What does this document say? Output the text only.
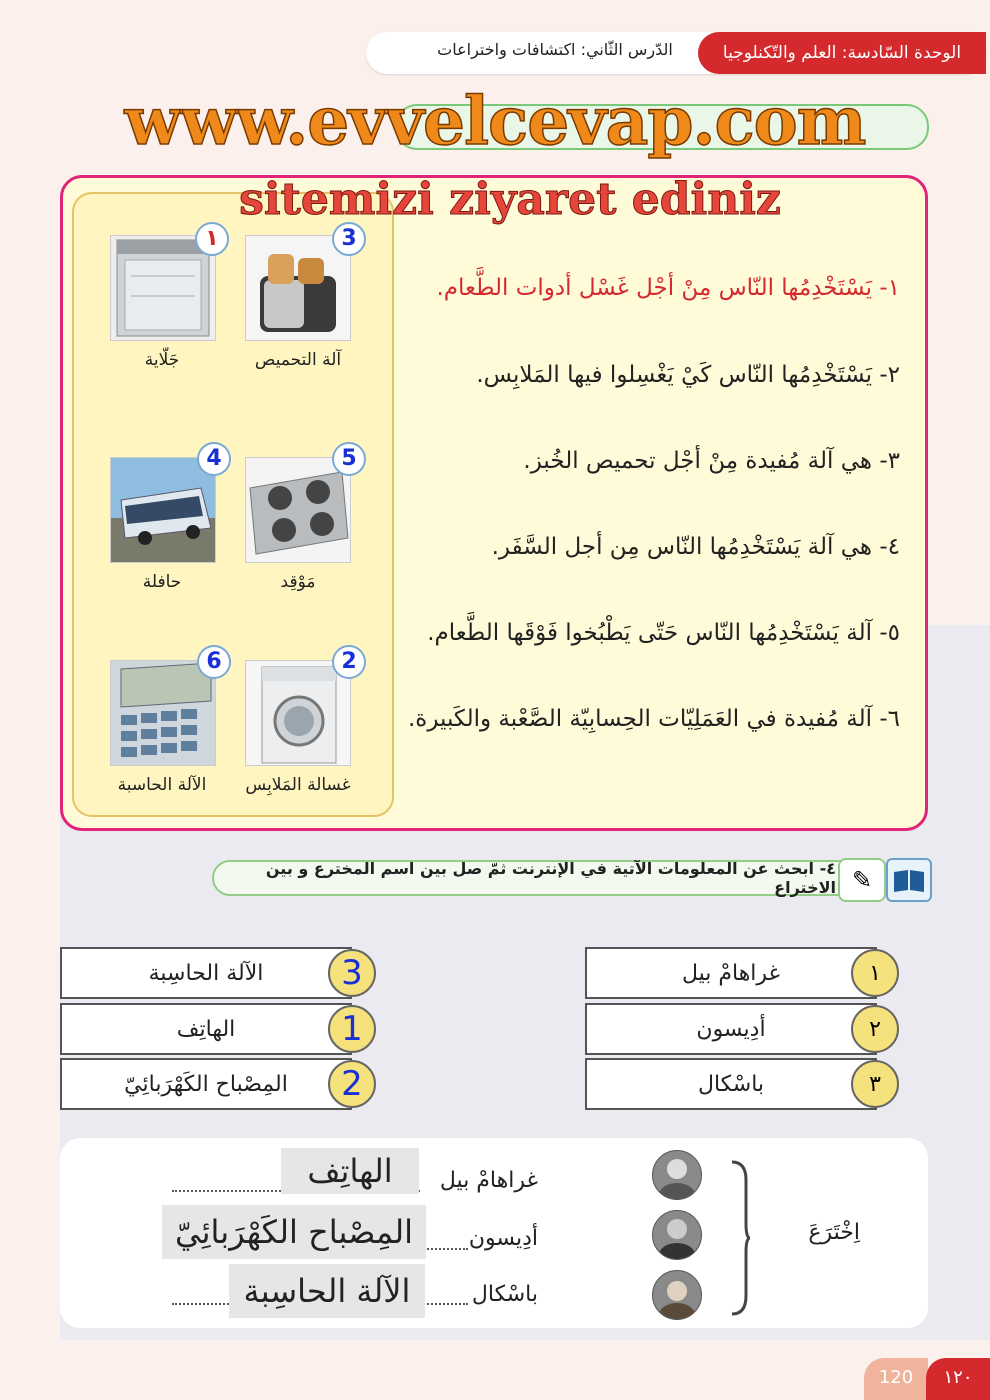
الوحدة السّادسة: العلم والتّكنلوجيا
الدّرس الثّاني: اكتشافات واختراعات
١
جَلّاية
3
آلة التحميص
4
حافلة
5
مَوْقِد
6
الآلة الحاسبة
2
غسالة المَلابِس
١- يَسْتَخْدِمُها النّاس مِنْ أجْل غَسْل أدوات الطَّعام.
٢- يَسْتَخْدِمُها النّاس كَيْ يَغْسِلوا فيها المَلابِس.
٣- هي آلة مُفيدة مِنْ أجْل تحميص الخُبز.
٤- هي آلة يَسْتَخْدِمُها النّاس مِن أجل السَّفَر.
٥- آلة يَسْتَخْدِمُها النّاس حَتّى يَطْبُخوا فَوْقَها الطَّعام.
٦- آلة مُفيدة في العَمَلِيّات الحِسابِيّة الصَّعْبة والكَبيرة.
٤- ابحث عن المعلومات الآتية في الإنترنت ثمّ صل بين اسم المخترع و بين الاختراع ✎
غراهامْ بيل
أدِيسون
باسْكال
١
٢
٣
الآلة الحاسِبة
الهاتِف
المِصْباح الكَهْرَبائِيّ
3
1
2
اِخْتَرَعَ
غراهامْ بيل
أدِيسون
باسْكال
الهاتِف
المِصْباح الكَهْرَبائِيّ
الآلة الحاسِبة
120	١٢٠
www.evvelcevap.com
sitemizi ziyaret ediniz
